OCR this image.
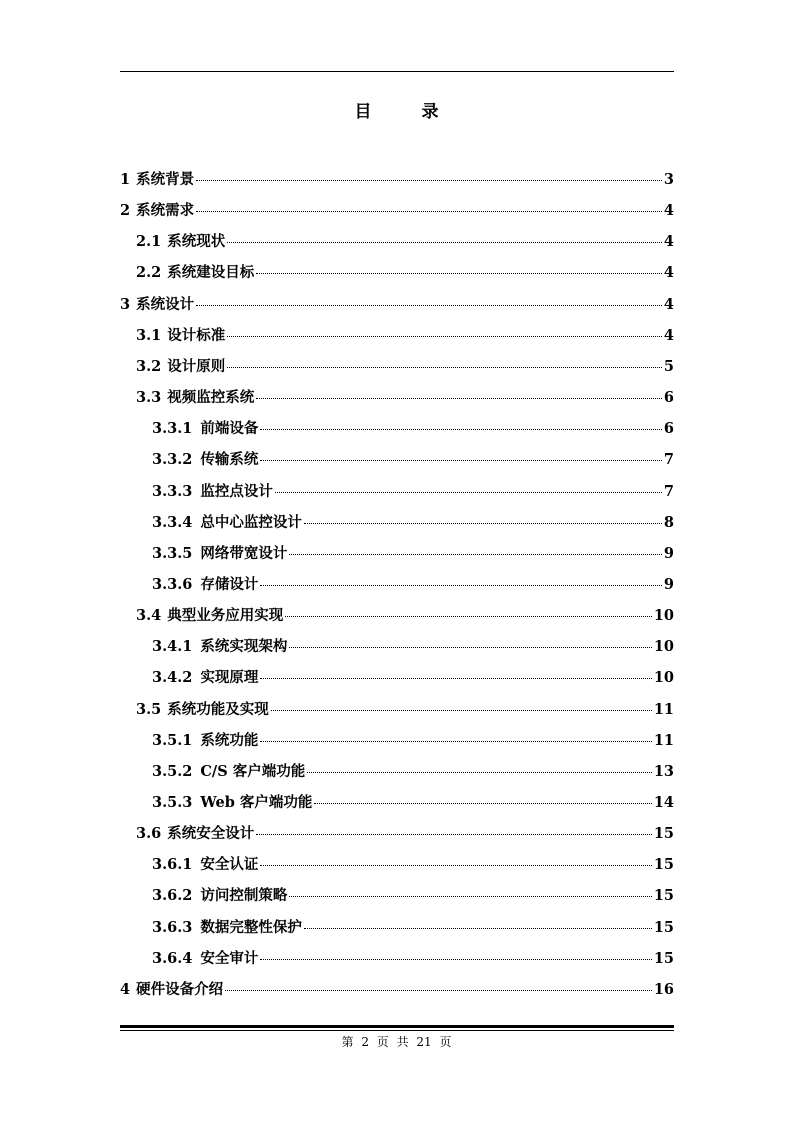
目 录
1 系统背景	3
2 系统需求	4
2.1 系统现状	4
2.2 系统建设目标	4
3 系统设计	4
3.1 设计标准	4
3.2 设计原则	5
3.3 视频监控系统	6
3.3.1 前端设备	6
3.3.2 传输系统	7
3.3.3 监控点设计	7
3.3.4 总中心监控设计	8
3.3.5 网络带宽设计	9
3.3.6 存储设计	9
3.4 典型业务应用实现	10
3.4.1 系统实现架构	10
3.4.2 实现原理	10
3.5 系统功能及实现	11
3.5.1 系统功能	11
3.5.2 C/S 客户端功能	13
3.5.3 Web 客户端功能	14
3.6 系统安全设计	15
3.6.1 安全认证	15
3.6.2 访问控制策略	15
3.6.3 数据完整性保护	15
3.6.4 安全审计	15
4 硬件设备介绍	16
第 2 页 共 21 页
